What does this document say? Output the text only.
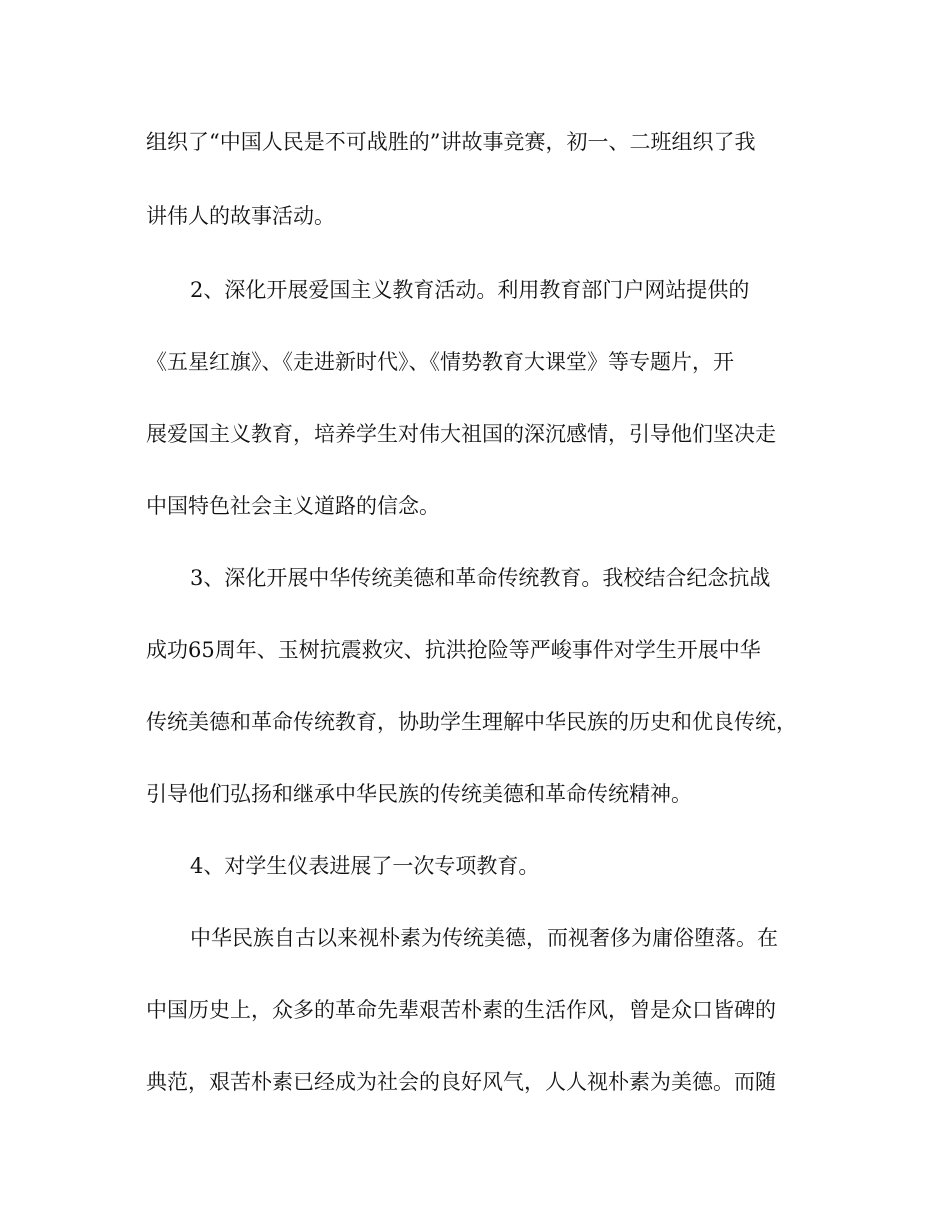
组织了“中国人民是不可战胜的”讲故事竞赛，初一、二班组织了我
讲伟人的故事活动。
2、深化开展爱国主义教育活动。利用教育部门户网站提供的
《五星红旗》、《走进新时代》、《情势教育大课堂》等专题片，开
展爱国主义教育，培养学生对伟大祖国的深沉感情，引导他们坚决走
中国特色社会主义道路的信念。
3、深化开展中华传统美德和革命传统教育。我校结合纪念抗战
成功65周年、玉树抗震救灾、抗洪抢险等严峻事件对学生开展中华
传统美德和革命传统教育，协助学生理解中华民族的历史和优良传统，
引导他们弘扬和继承中华民族的传统美德和革命传统精神。
4、对学生仪表进展了一次专项教育。
中华民族自古以来视朴素为传统美德，而视奢侈为庸俗堕落。在
中国历史上，众多的革命先辈艰苦朴素的生活作风，曾是众口皆碑的
典范，艰苦朴素已经成为社会的良好风气，人人视朴素为美德。而随
